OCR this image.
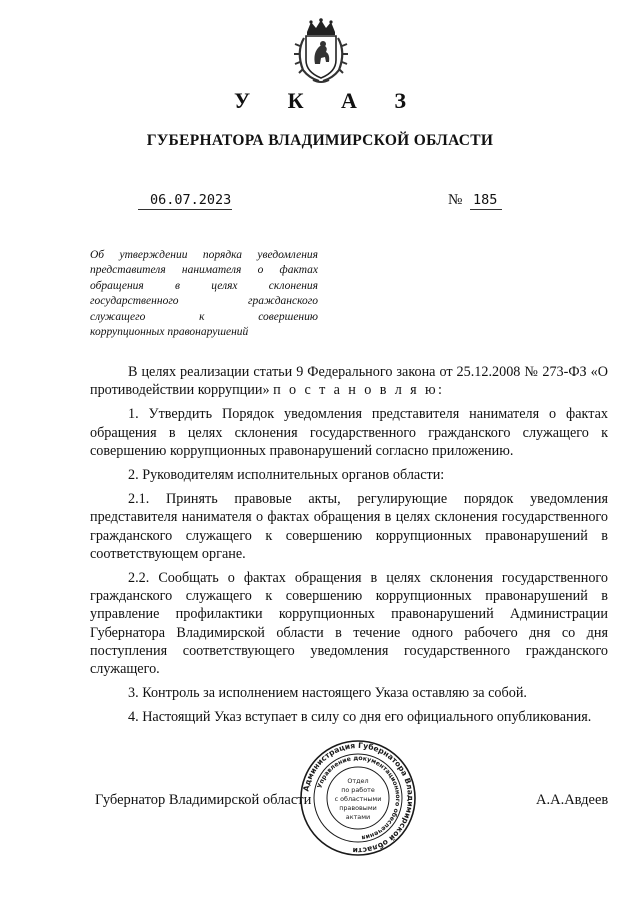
У К А З
ГУБЕРНАТОРА ВЛАДИМИРСКОЙ ОБЛАСТИ
06.07.2023	№ 185
Об утверждении порядка уведомления
представителя нанимателя о фактах
обращения в целях склонения
государственного гражданского
служащего к совершению
коррупционных правонарушений

В целях реализации статьи 9 Федерального закона от 25.12.2008 № 273-ФЗ «О противодействии коррупции» п о с т а н о в л я ю:

1. Утвердить Порядок уведомления представителя нанимателя о фактах обращения в целях склонения государственного гражданского служащего к совершению коррупционных правонарушений согласно приложению.

2. Руководителям исполнительных органов области:

2.1. Принять правовые акты, регулирующие порядок уведомления представителя нанимателя о фактах обращения в целях склонения государственного гражданского служащего к совершению коррупционных правонарушений в соответствующем органе.

2.2. Сообщать о фактах обращения в целях склонения государственного гражданского служащего к совершению коррупционных правонарушений в управление профилактики коррупционных правонарушений Администрации Губернатора Владимирской области в течение одного рабочего дня со дня поступления соответствующего уведомления государственного гражданского служащего.

3. Контроль за исполнением настоящего Указа оставляю за собой.

4. Настоящий Указ вступает в силу со дня его официального опубликования.

Губернатор Владимирской области	А.А.Авдеев
Администрация Губернатора Владимирской области
Управление документационного обеспечения
Отдел
по работе
с областными
правовыми
актами
